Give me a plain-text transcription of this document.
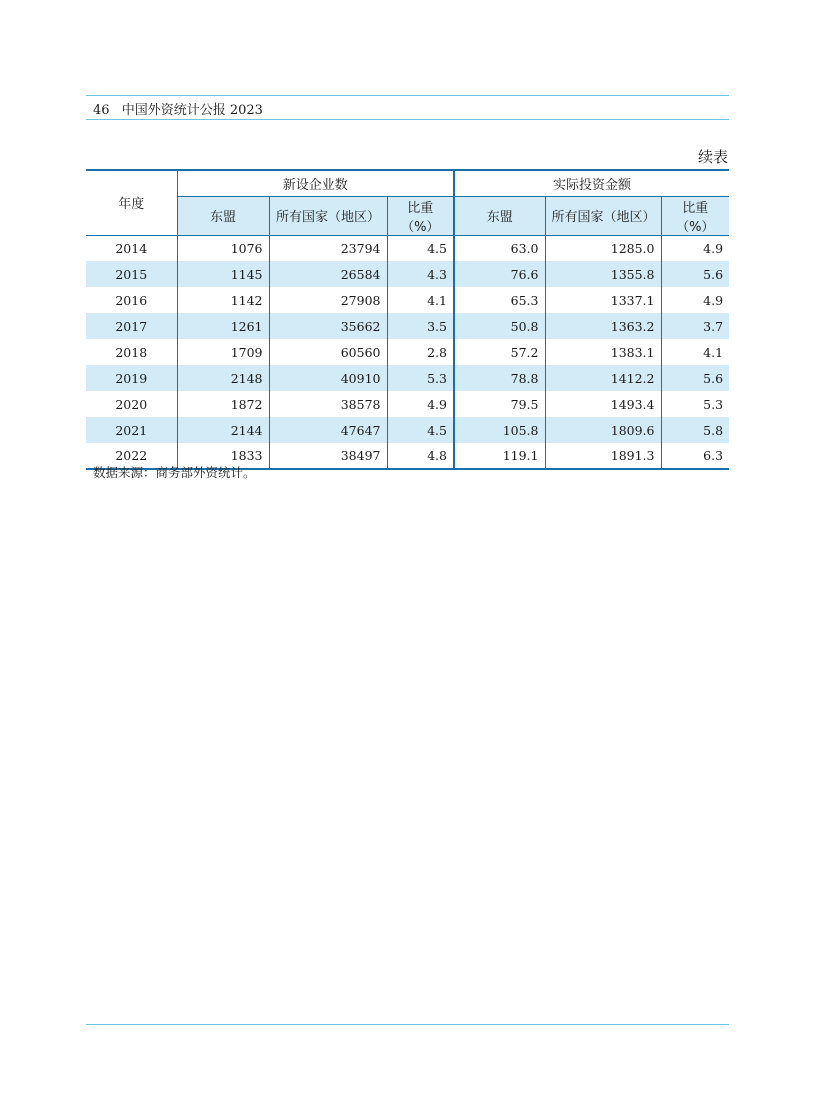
46 中国外资统计公报 2023
续表
年度	新设企业数			实际投资金额		
	东盟	所有国家（地区）	比重（%）	东盟	所有国家（地区）	比重（%）
2014	1076	23794	4.5	63.0	1285.0	4.9
2015	1145	26584	4.3	76.6	1355.8	5.6
2016	1142	27908	4.1	65.3	1337.1	4.9
2017	1261	35662	3.5	50.8	1363.2	3.7
2018	1709	60560	2.8	57.2	1383.1	4.1
2019	2148	40910	5.3	78.8	1412.2	5.6
2020	1872	38578	4.9	79.5	1493.4	5.3
2021	2144	47647	4.5	105.8	1809.6	5.8
2022	1833	38497	4.8	119.1	1891.3	6.3
数据来源：商务部外资统计。
